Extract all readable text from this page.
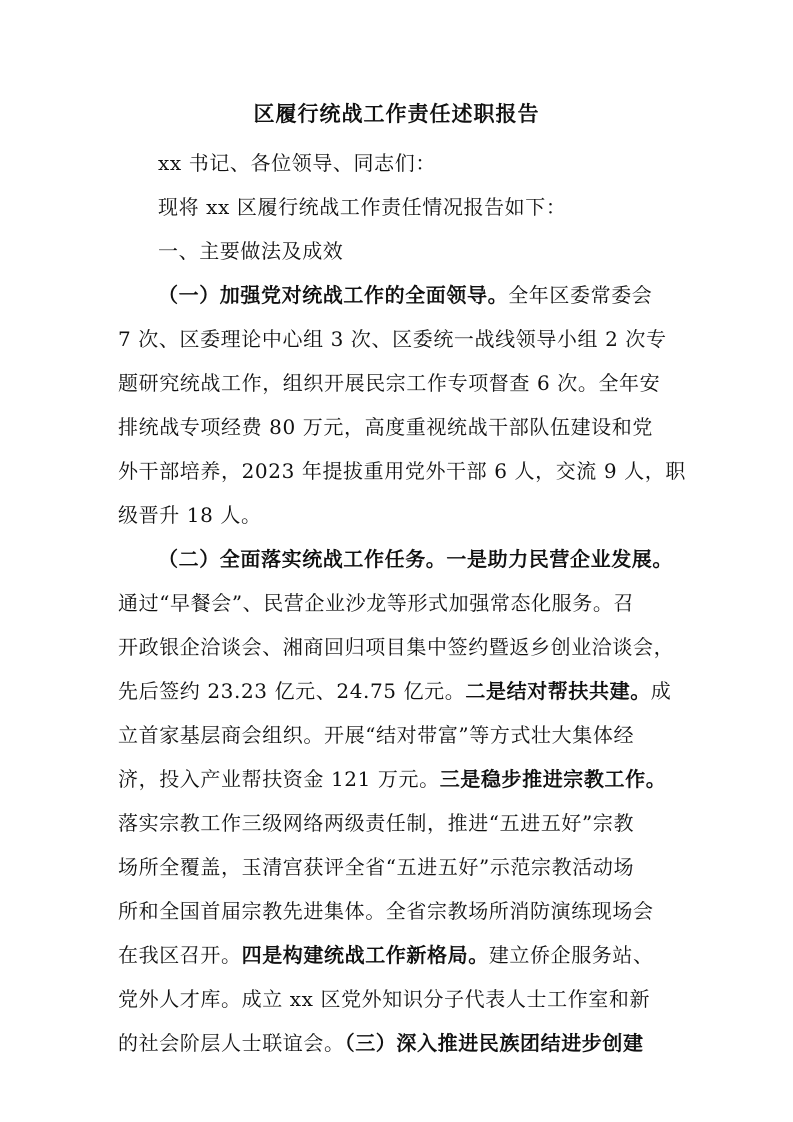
区履行统战工作责任述职报告
xx 书记、各位领导、同志们：
现将 xx 区履行统战工作责任情况报告如下：
一、主要做法及成效
（一）加强党对统战工作的全面领导。全年区委常委会
7 次、区委理论中心组 3 次、区委统一战线领导小组 2 次专
题研究统战工作，组织开展民宗工作专项督查 6 次。全年安
排统战专项经费 80 万元，高度重视统战干部队伍建设和党
外干部培养，2023 年提拔重用党外干部 6 人，交流 9 人，职
级晋升 18 人。
（二）全面落实统战工作任务。一是助力民营企业发展。
通过“早餐会”、民营企业沙龙等形式加强常态化服务。召
开政银企洽谈会、湘商回归项目集中签约暨返乡创业洽谈会，
先后签约 23.23 亿元、24.75 亿元。二是结对帮扶共建。成
立首家基层商会组织。开展“结对带富”等方式壮大集体经
济，投入产业帮扶资金 121 万元。三是稳步推进宗教工作。
落实宗教工作三级网络两级责任制，推进“五进五好”宗教
场所全覆盖，玉清宫获评全省“五进五好”示范宗教活动场
所和全国首届宗教先进集体。全省宗教场所消防演练现场会
在我区召开。四是构建统战工作新格局。建立侨企服务站、
党外人才库。成立 xx 区党外知识分子代表人士工作室和新
的社会阶层人士联谊会。（三）深入推进民族团结进步创建
